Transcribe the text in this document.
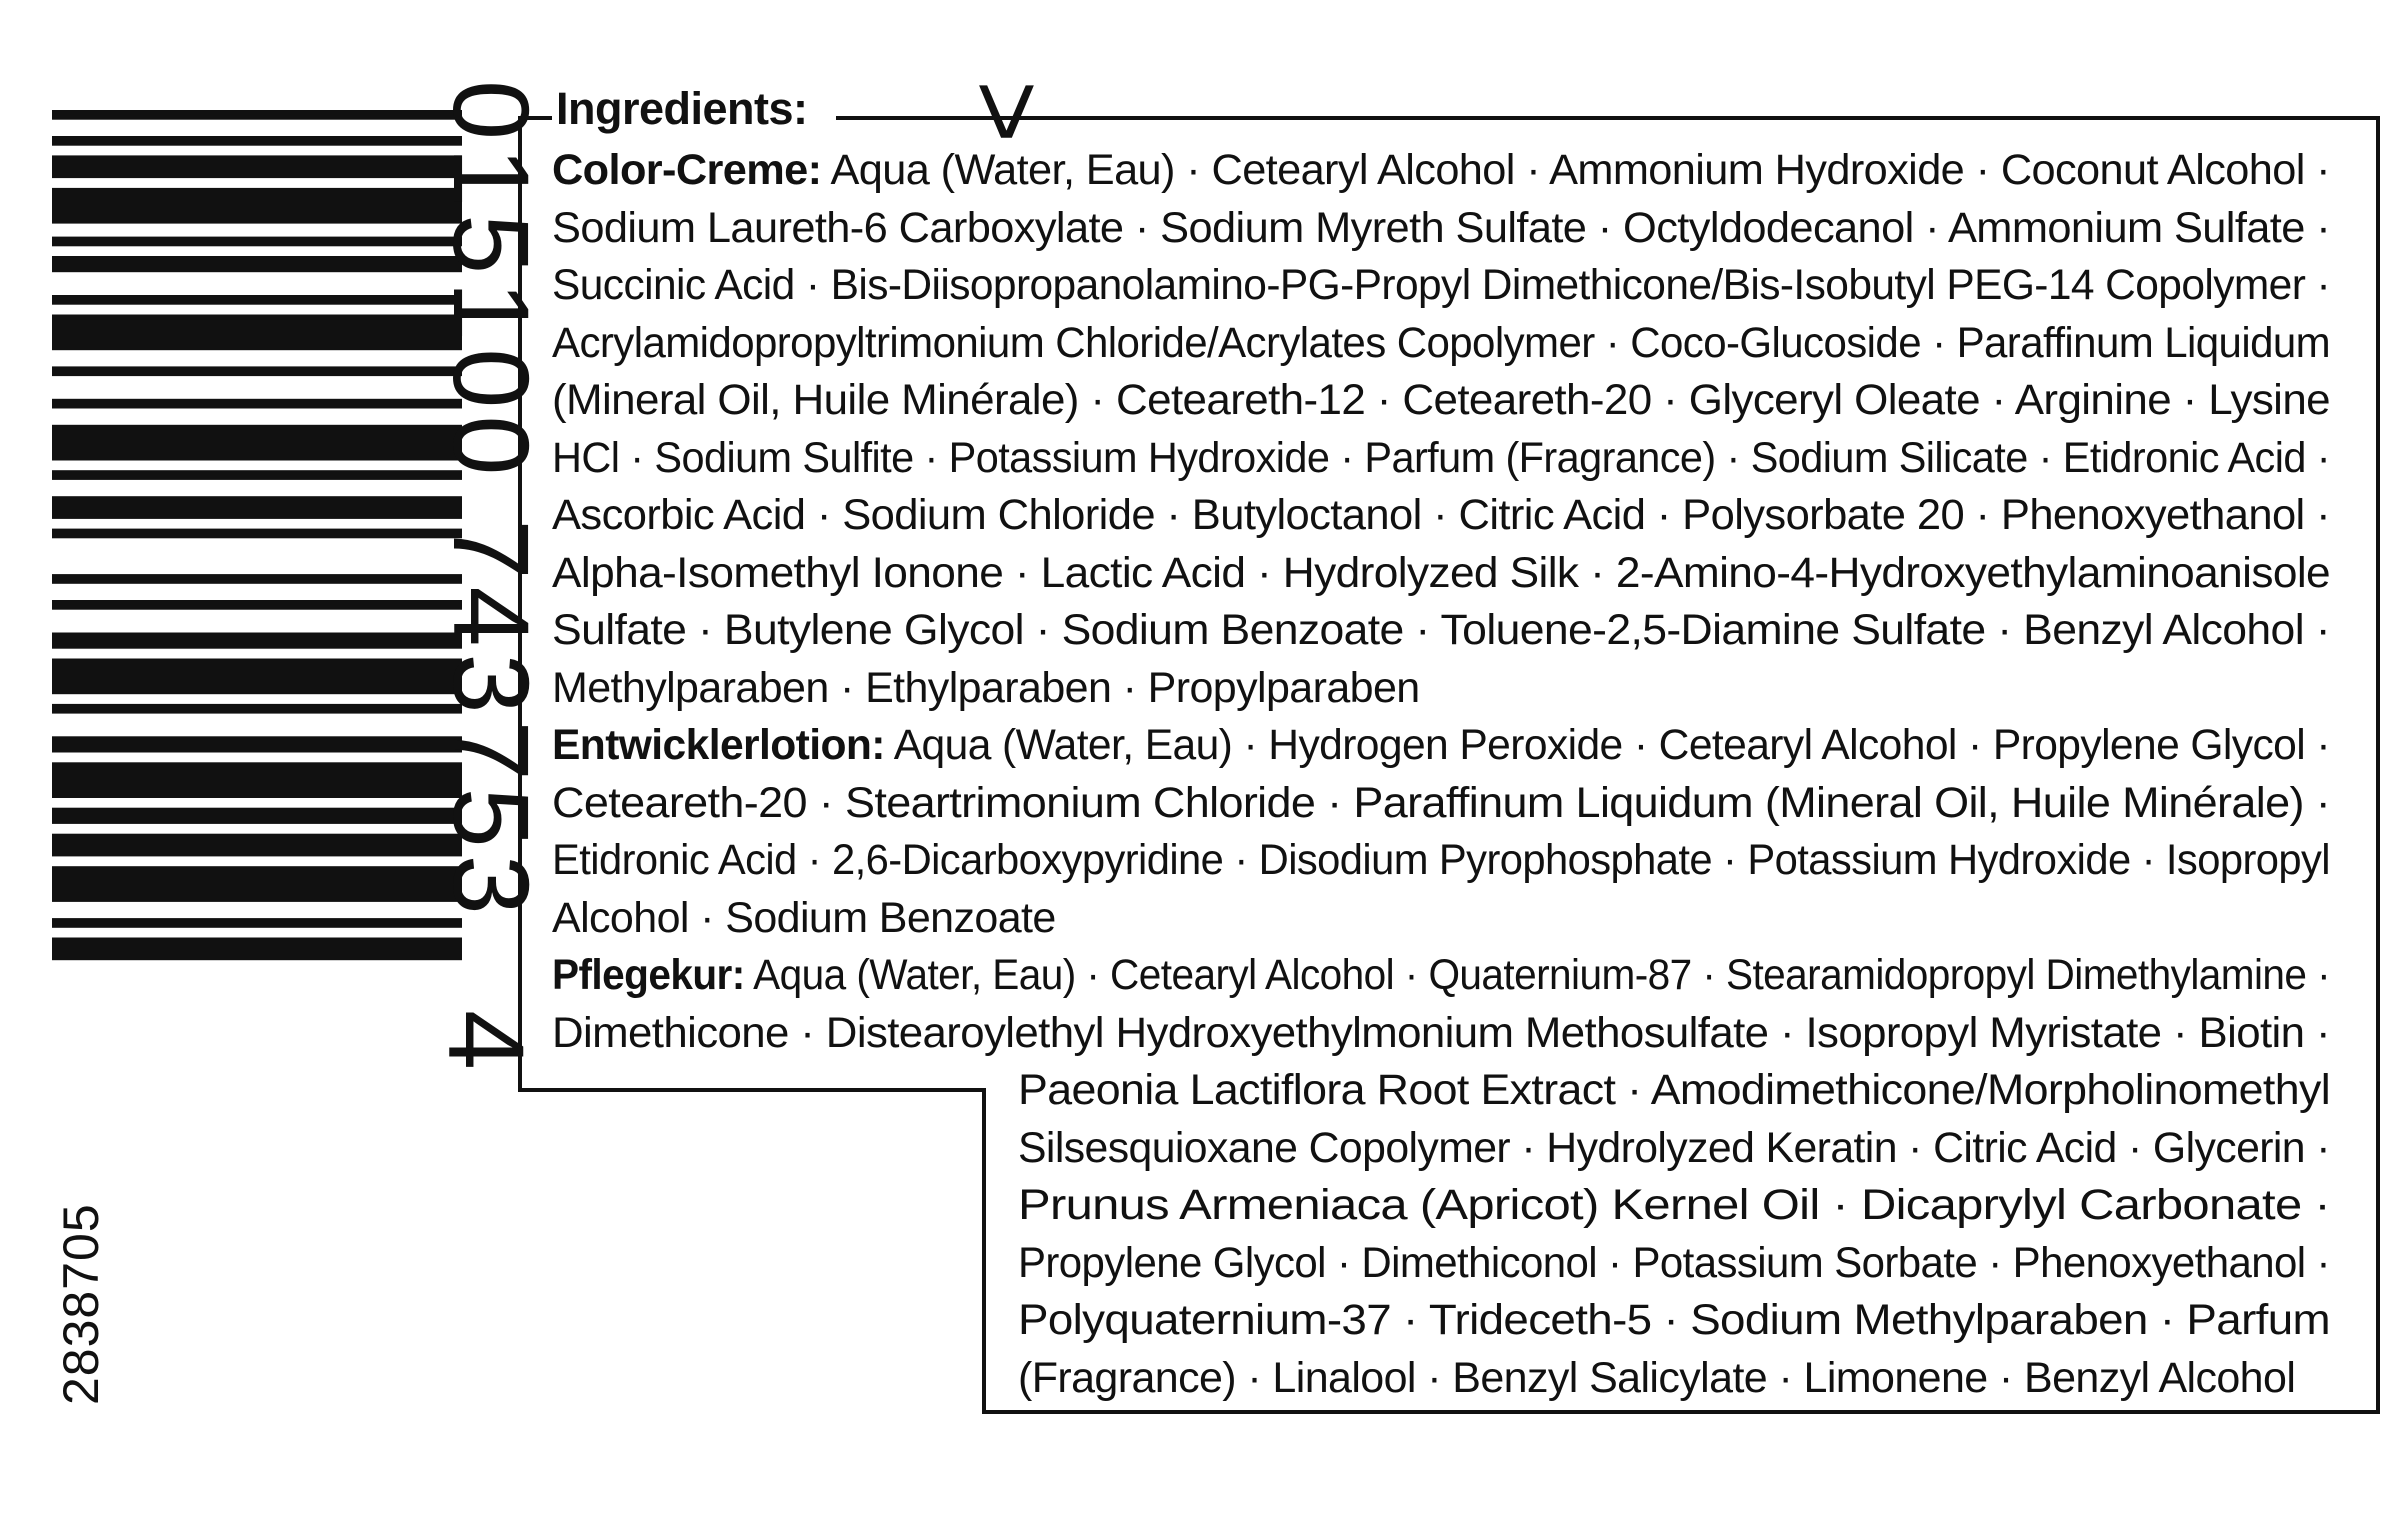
015100 743753	>
4
2838705
Ingredients:
Color-Creme: Aqua (Water, Eau) · Cetearyl Alcohol · Ammonium Hydroxide · Coconut Alcohol ·
Sodium Laureth-6 Carboxylate · Sodium Myreth Sulfate · Octyldodecanol · Ammonium Sulfate ·
Succinic Acid · Bis-Diisopropanolamino-PG-Propyl Dimethicone/Bis-Isobutyl PEG-14 Copolymer ·
Acrylamidopropyltrimonium Chloride/Acrylates Copolymer · Coco-Glucoside · Paraffinum Liquidum
(Mineral Oil, Huile Minérale) · Ceteareth-12 · Ceteareth-20 · Glyceryl Oleate · Arginine · Lysine
HCl · Sodium Sulfite · Potassium Hydroxide · Parfum (Fragrance) · Sodium Silicate · Etidronic Acid ·
Ascorbic Acid · Sodium Chloride · Butyloctanol · Citric Acid · Polysorbate 20 · Phenoxyethanol ·
Alpha-Isomethyl Ionone · Lactic Acid · Hydrolyzed Silk · 2-Amino-4-Hydroxyethylaminoanisole
Sulfate · Butylene Glycol · Sodium Benzoate · Toluene-2,5-Diamine Sulfate · Benzyl Alcohol ·
Methylparaben · Ethylparaben · Propylparaben
Entwicklerlotion: Aqua (Water, Eau) · Hydrogen Peroxide · Cetearyl Alcohol · Propylene Glycol ·
Ceteareth-20 · Steartrimonium Chloride · Paraffinum Liquidum (Mineral Oil, Huile Minérale) ·
Etidronic Acid · 2,6-Dicarboxypyridine · Disodium Pyrophosphate · Potassium Hydroxide · Isopropyl
Alcohol · Sodium Benzoate
Pflegekur: Aqua (Water, Eau) · Cetearyl Alcohol · Quaternium-87 · Stearamidopropyl Dimethylamine ·
Dimethicone · Distearoylethyl Hydroxyethylmonium Methosulfate · Isopropyl Myristate · Biotin ·
Paeonia Lactiflora Root Extract · Amodimethicone/Morpholinomethyl
Silsesquioxane Copolymer · Hydrolyzed Keratin · Citric Acid · Glycerin ·
Prunus Armeniaca (Apricot) Kernel Oil · Dicaprylyl Carbonate ·
Propylene Glycol · Dimethiconol · Potassium Sorbate · Phenoxyethanol ·
Polyquaternium-37 · Trideceth-5 · Sodium Methylparaben · Parfum
(Fragrance) · Linalool · Benzyl Salicylate · Limonene · Benzyl Alcohol
